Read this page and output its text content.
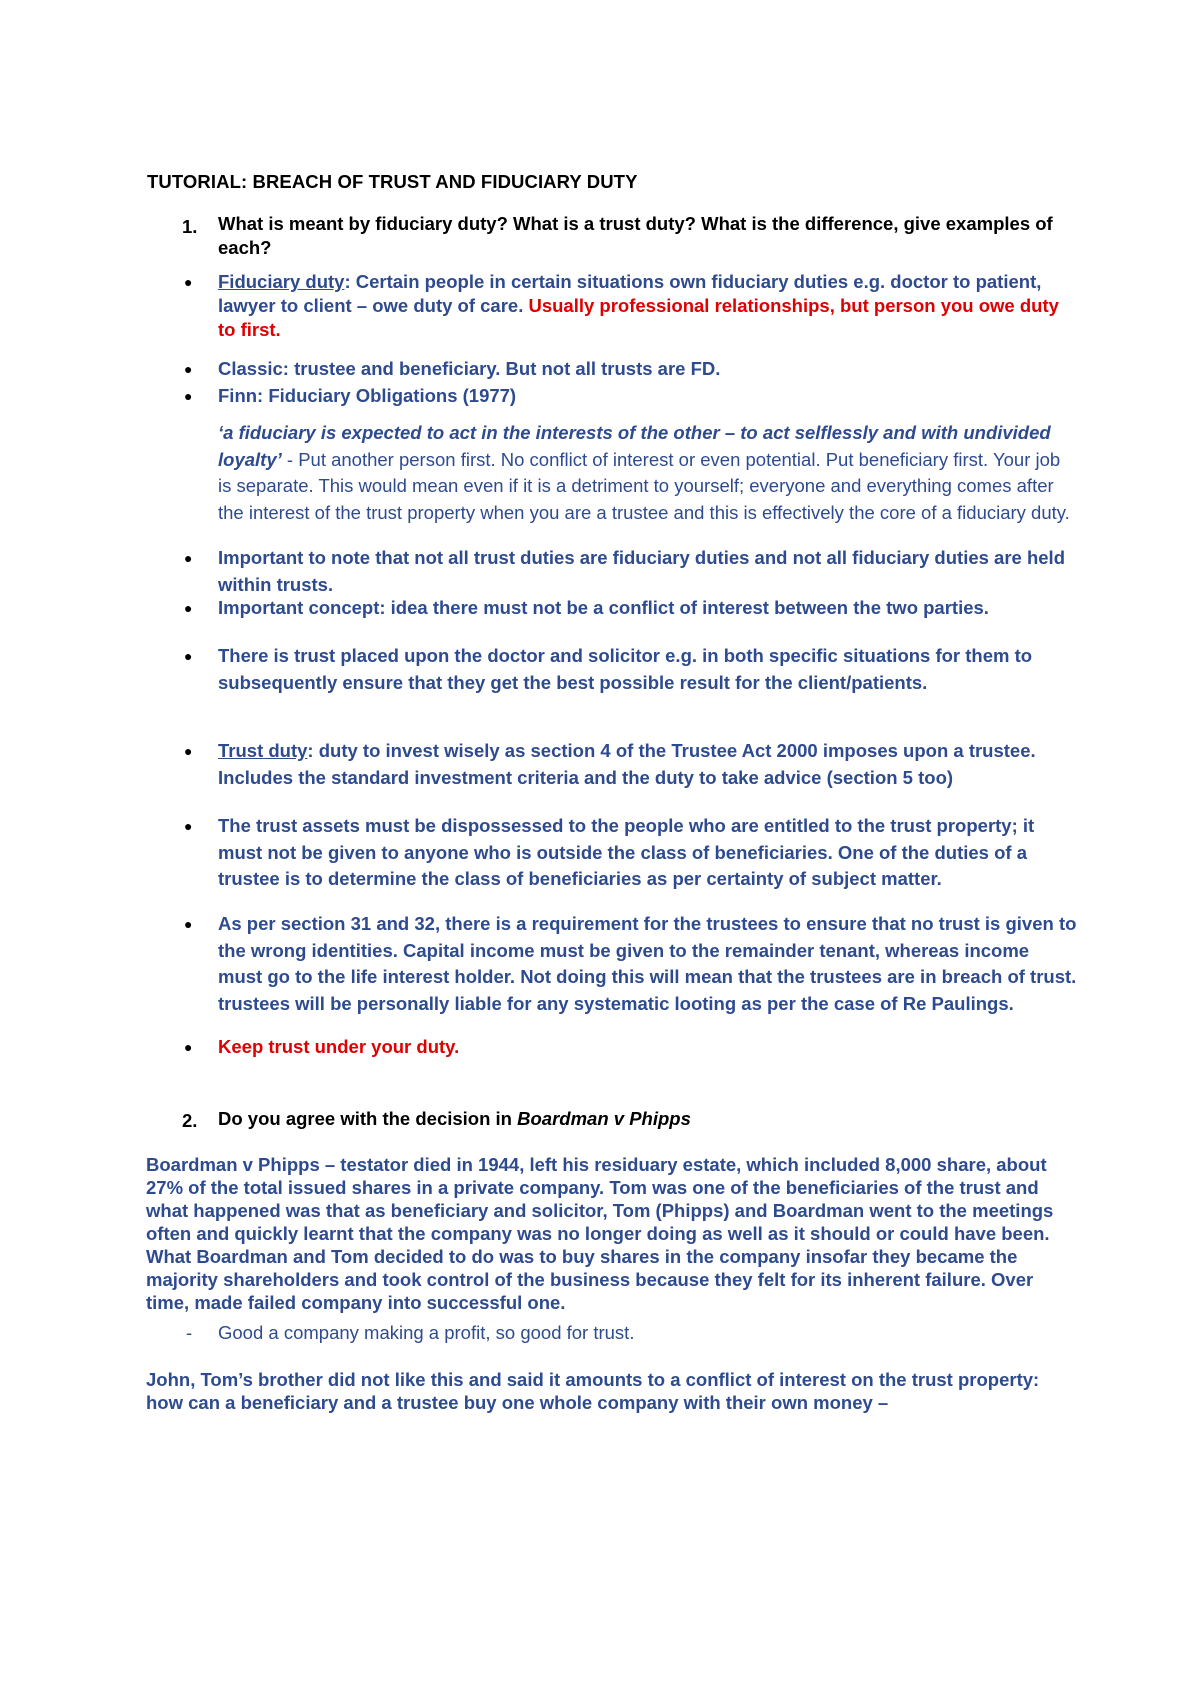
TUTORIAL: BREACH OF TRUST AND FIDUCIARY DUTY
1. What is meant by fiduciary duty? What is a trust duty? What is the difference, give examples of each?
● Fiduciary duty: Certain people in certain situations own fiduciary duties e.g. doctor to patient, lawyer to client – owe duty of care. Usually professional relationships, but person you owe duty to first.
● Classic: trustee and beneficiary. But not all trusts are FD.
● Finn: Fiduciary Obligations (1977)
‘a fiduciary is expected to act in the interests of the other – to act selflessly and with undivided loyalty’ - Put another person first. No conflict of interest or even potential. Put beneficiary first. Your job is separate. This would mean even if it is a detriment to yourself; everyone and everything comes after the interest of the trust property when you are a trustee and this is effectively the core of a fiduciary duty.
● Important to note that not all trust duties are fiduciary duties and not all fiduciary duties are held within trusts.
● Important concept: idea there must not be a conflict of interest between the two parties.
● There is trust placed upon the doctor and solicitor e.g. in both specific situations for them to subsequently ensure that they get the best possible result for the client/patients.
● Trust duty: duty to invest wisely as section 4 of the Trustee Act 2000 imposes upon a trustee. Includes the standard investment criteria and the duty to take advice (section 5 too)
● The trust assets must be dispossessed to the people who are entitled to the trust property; it must not be given to anyone who is outside the class of beneficiaries. One of the duties of a trustee is to determine the class of beneficiaries as per certainty of subject matter.
● As per section 31 and 32, there is a requirement for the trustees to ensure that no trust is given to the wrong identities. Capital income must be given to the remainder tenant, whereas income must go to the life interest holder. Not doing this will mean that the trustees are in breach of trust. trustees will be personally liable for any systematic looting as per the case of Re Paulings.
● Keep trust under your duty.
2. Do you agree with the decision in Boardman v Phipps
Boardman v Phipps – testator died in 1944, left his residuary estate, which included 8,000 share, about 27% of the total issued shares in a private company. Tom was one of the beneficiaries of the trust and what happened was that as beneficiary and solicitor, Tom (Phipps) and Boardman went to the meetings often and quickly learnt that the company was no longer doing as well as it should or could have been. What Boardman and Tom decided to do was to buy shares in the company insofar they became the majority shareholders and took control of the business because they felt for its inherent failure. Over time, made failed company into successful one.
- Good a company making a profit, so good for trust.
John, Tom’s brother did not like this and said it amounts to a conflict of interest on the trust property: how can a beneficiary and a trustee buy one whole company with their own money –
